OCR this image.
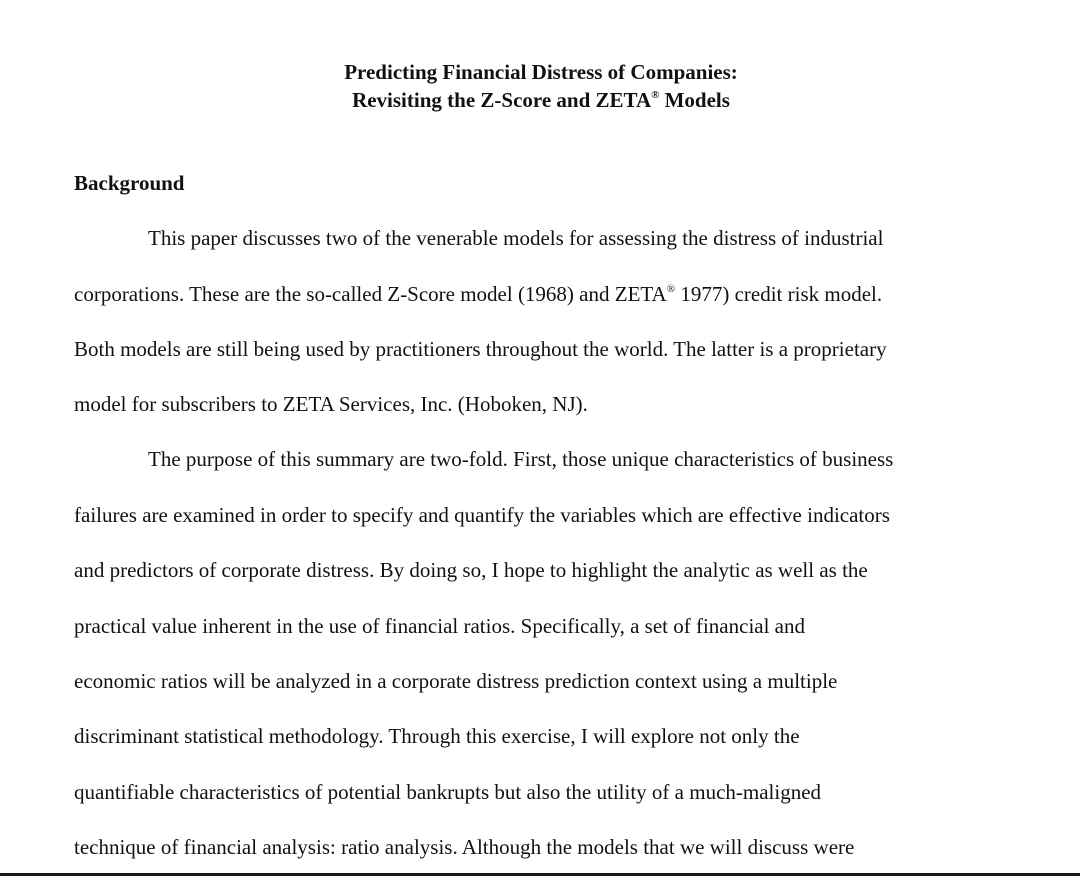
Predicting Financial Distress of Companies:
Revisiting the Z-Score and ZETA® Models
Background
This paper discusses two of the venerable models for assessing the distress of industrial
corporations. These are the so-called Z-Score model (1968) and ZETA® 1977) credit risk model.
Both models are still being used by practitioners throughout the world. The latter is a proprietary
model for subscribers to ZETA Services, Inc. (Hoboken, NJ).
The purpose of this summary are two-fold. First, those unique characteristics of business
failures are examined in order to specify and quantify the variables which are effective indicators
and predictors of corporate distress. By doing so, I hope to highlight the analytic as well as the
practical value inherent in the use of financial ratios. Specifically, a set of financial and
economic ratios will be analyzed in a corporate distress prediction context using a multiple
discriminant statistical methodology. Through this exercise, I will explore not only the
quantifiable characteristics of potential bankrupts but also the utility of a much-maligned
technique of financial analysis: ratio analysis. Although the models that we will discuss were
